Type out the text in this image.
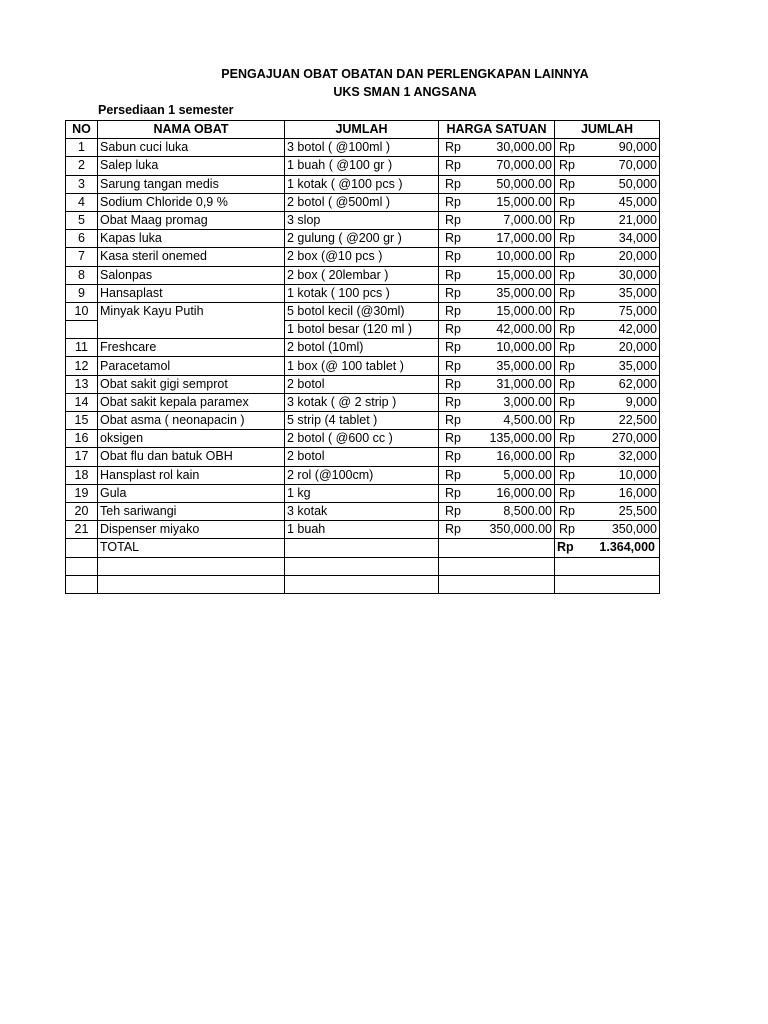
PENGAJUAN OBAT OBATAN DAN PERLENGKAPAN LAINNYA
UKS SMAN 1 ANGSANA
Persediaan 1 semester
NO	NAMA OBAT	JUMLAH	HARGA SATUAN	JUMLAH
1	Sabun cuci luka	3 botol ( @100ml )	Rp 30,000.00	Rp 90,000

2	Salep luka	1 buah ( @100 gr )	Rp 70,000.00	Rp 70,000

3	Sarung tangan medis	1 kotak ( @100 pcs )	Rp 50,000.00	Rp 50,000

4	Sodium Chloride 0,9 %	2 botol ( @500ml )	Rp 15,000.00	Rp 45,000

5	Obat Maag promag	3 slop	Rp 7,000.00	Rp 21,000

6	Kapas luka	2 gulung ( @200 gr )	Rp 17,000.00	Rp 34,000

7	Kasa steril onemed	2 box (@10 pcs )	Rp 10,000.00	Rp 20,000

8	Salonpas	2 box ( 20lembar )	Rp 15,000.00	Rp 30,000

9	Hansaplast	1 kotak ( 100 pcs )	Rp 35,000.00	Rp 35,000

10	Minyak Kayu Putih	5 botol kecil (@30ml)	Rp 15,000.00	Rp 75,000

		1 botol besar (120 ml )	Rp 42,000.00	Rp 42,000

11	Freshcare	2 botol (10ml)	Rp 10,000.00	Rp 20,000

12	Paracetamol	1 box (@ 100 tablet )	Rp 35,000.00	Rp 35,000

13	Obat sakit gigi semprot	2 botol	Rp 31,000.00	Rp 62,000

14	Obat sakit kepala paramex	3 kotak ( @ 2 strip )	Rp 3,000.00	Rp 9,000

15	Obat asma ( neonapacin )	5 strip (4 tablet )	Rp 4,500.00	Rp 22,500

16	oksigen	2 botol ( @600 cc )	Rp 135,000.00	Rp 270,000

17	Obat flu dan batuk OBH	2 botol	Rp 16,000.00	Rp 32,000

18	Hansplast rol kain	2 rol (@100cm)	Rp 5,000.00	Rp 10,000

19	Gula	1 kg	Rp 16,000.00	Rp 16,000

20	Teh sariwangi	3 kotak	Rp 8,500.00	Rp 25,500

21	Dispenser miyako	1 buah	Rp 350,000.00	Rp 350,000

	TOTAL			Rp 1.364,000
